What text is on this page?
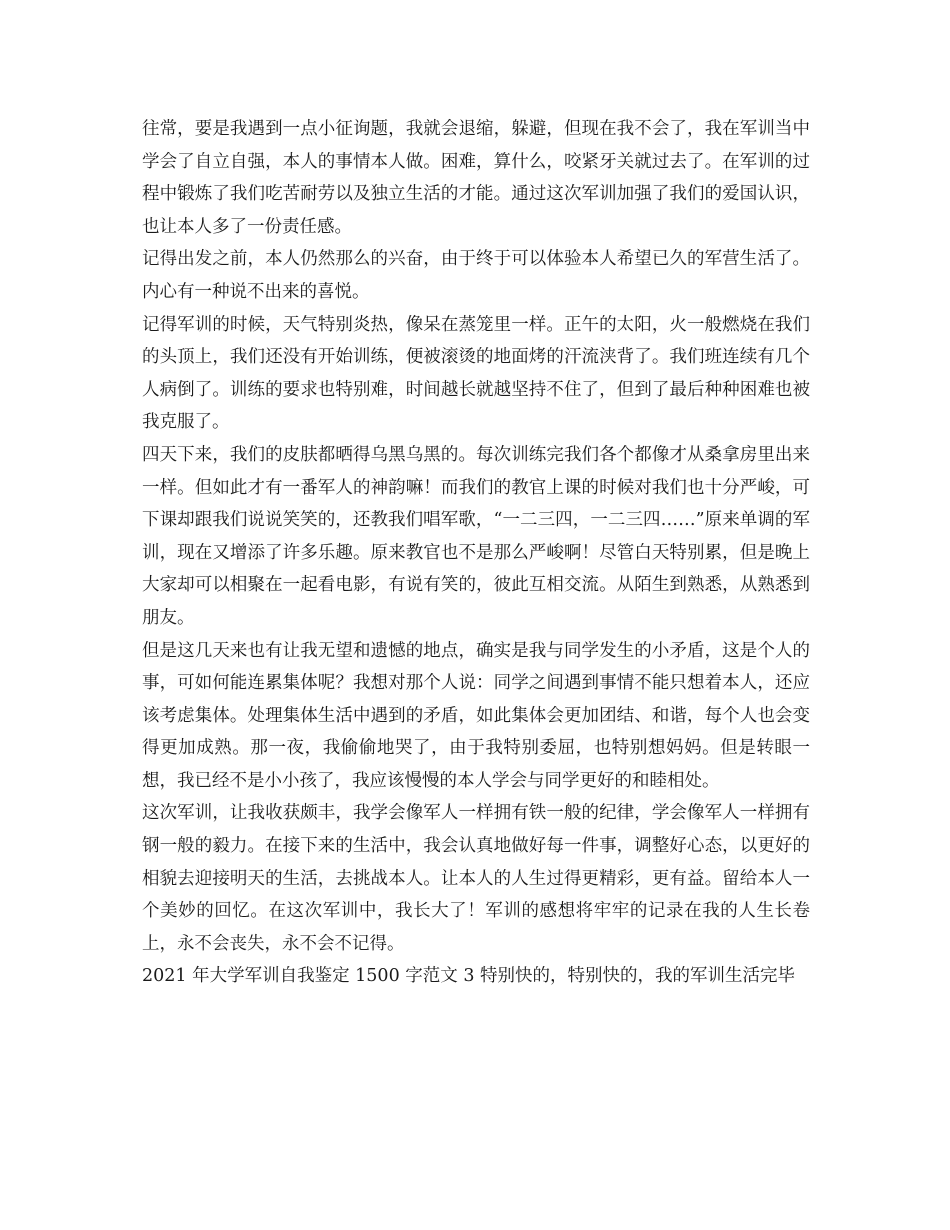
往常，要是我遇到一点小征询题，我就会退缩，躲避，但现在我不会了，我在军训当中学会了自立自强，本人的事情本人做。困难，算什么，咬紧牙关就过去了。在军训的过程中锻炼了我们吃苦耐劳以及独立生活的才能。通过这次军训加强了我们的爱国认识，也让本人多了一份责任感。

记得出发之前，本人仍然那么的兴奋，由于终于可以体验本人希望已久的军营生活了。内心有一种说不出来的喜悦。

记得军训的时候，天气特别炎热，像呆在蒸笼里一样。正午的太阳，火一般燃烧在我们的头顶上，我们还没有开始训练，便被滚烫的地面烤的汗流浃背了。我们班连续有几个人病倒了。训练的要求也特别难，时间越长就越坚持不住了，但到了最后种种困难也被我克服了。

四天下来，我们的皮肤都晒得乌黑乌黑的。每次训练完我们各个都像才从桑拿房里出来一样。但如此才有一番军人的神韵嘛！而我们的教官上课的时候对我们也十分严峻，可下课却跟我们说说笑笑的，还教我们唱军歌，“一二三四，一二三四……”原来单调的军训，现在又增添了许多乐趣。原来教官也不是那么严峻啊！尽管白天特别累，但是晚上大家却可以相聚在一起看电影，有说有笑的，彼此互相交流。从陌生到熟悉，从熟悉到朋友。

但是这几天来也有让我无望和遗憾的地点，确实是我与同学发生的小矛盾，这是个人的事，可如何能连累集体呢？我想对那个人说：同学之间遇到事情不能只想着本人，还应该考虑集体。处理集体生活中遇到的矛盾，如此集体会更加团结、和谐，每个人也会变得更加成熟。那一夜，我偷偷地哭了，由于我特别委屈，也特别想妈妈。但是转眼一想，我已经不是小小孩了，我应该慢慢的本人学会与同学更好的和睦相处。

这次军训，让我收获颇丰，我学会像军人一样拥有铁一般的纪律，学会像军人一样拥有钢一般的毅力。在接下来的生活中，我会认真地做好每一件事，调整好心态，以更好的相貌去迎接明天的生活，去挑战本人。让本人的人生过得更精彩，更有益。留给本人一个美妙的回忆。在这次军训中，我长大了！军训的感想将牢牢的记录在我的人生长卷上，永不会丧失，永不会不记得。

2021 年大学军训自我鉴定 1500 字范文 3 特别快的，特别快的，我的军训生活完毕
